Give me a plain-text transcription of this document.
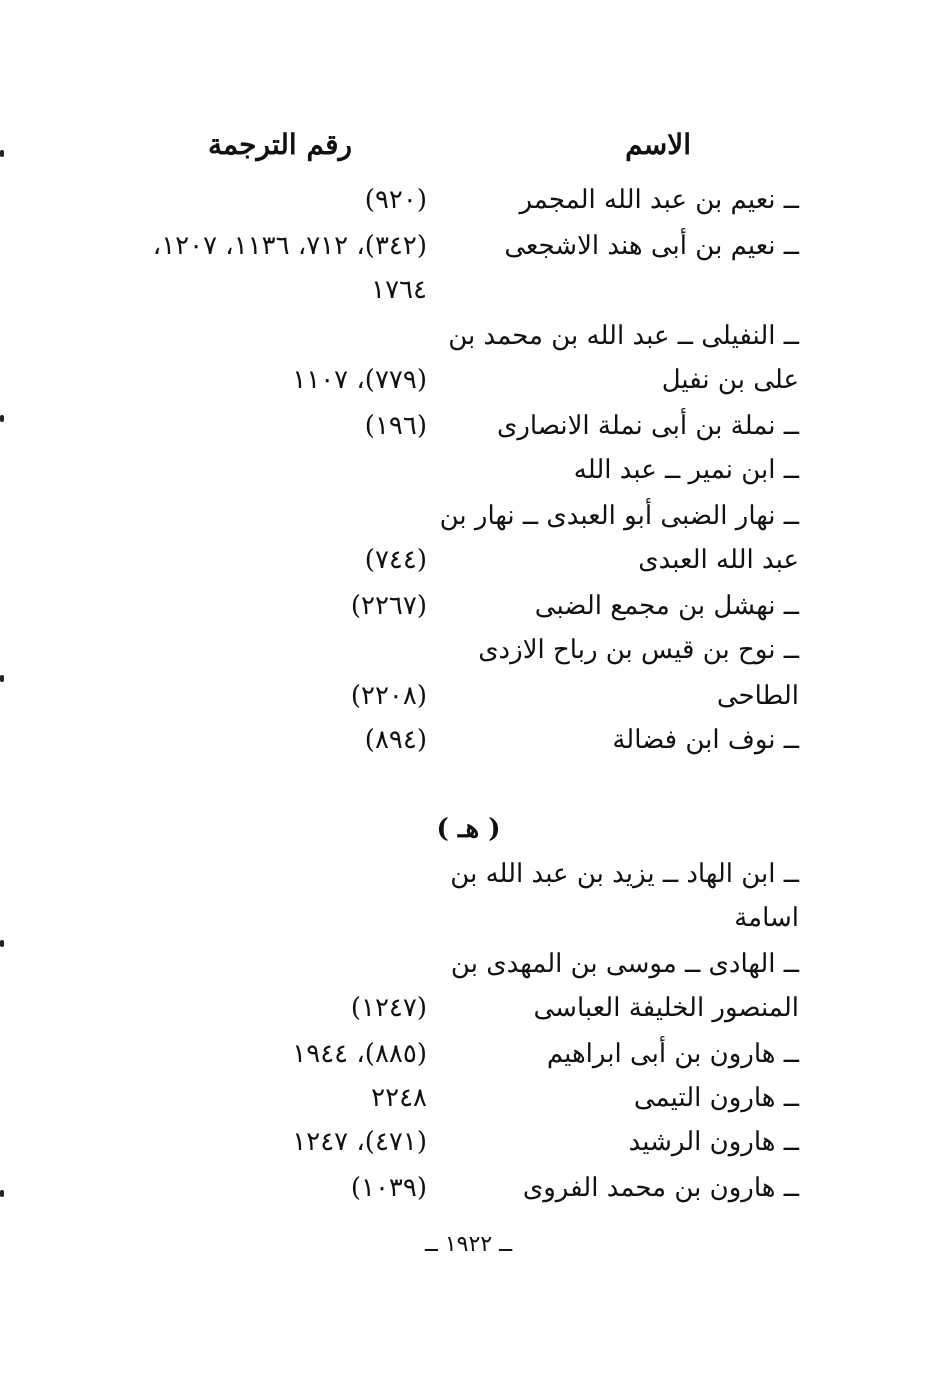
الاسم
رقم الترجمة
ــ نعيم بن عبد الله المجمر
(٩٢٠)
ــ نعيم بن أبى هند الاشجعى
(٣٤٢)، ٧١٢، ١١٣٦، ١٢٠٧،
١٧٦٤
ــ النفيلى ــ عبد الله بن محمد بن
على بن نفيل
(٧٧٩)، ١١٠٧
ــ نملة بن أبى نملة الانصارى
(١٩٦)
ــ ابن نمير ــ عبد الله
ــ نهار الضبى أبو العبدى ــ نهار بن
عبد الله العبدى
(٧٤٤)
ــ نهشل بن مجمع الضبى
(٢٢٦٧)
ــ نوح بن قيس بن رباح الازدى
الطاحى
(٢٢٠٨)
ــ نوف ابن فضالة
(٨٩٤)
( هـ )
ــ ابن الهاد ــ يزيد بن عبد الله بن
اسامة
ــ الهادى ــ موسى بن المهدى بن
المنصور الخليفة العباسى
(١٢٤٧)
ــ هارون بن أبى ابراهيم
(٨٨٥)، ١٩٤٤
ــ هارون التيمى
٢٢٤٨
ــ هارون الرشيد
(٤٧١)، ١٢٤٧
ــ هارون بن محمد الفروى
(١٠٣٩)
ــ ١٩٢٢ ــ
